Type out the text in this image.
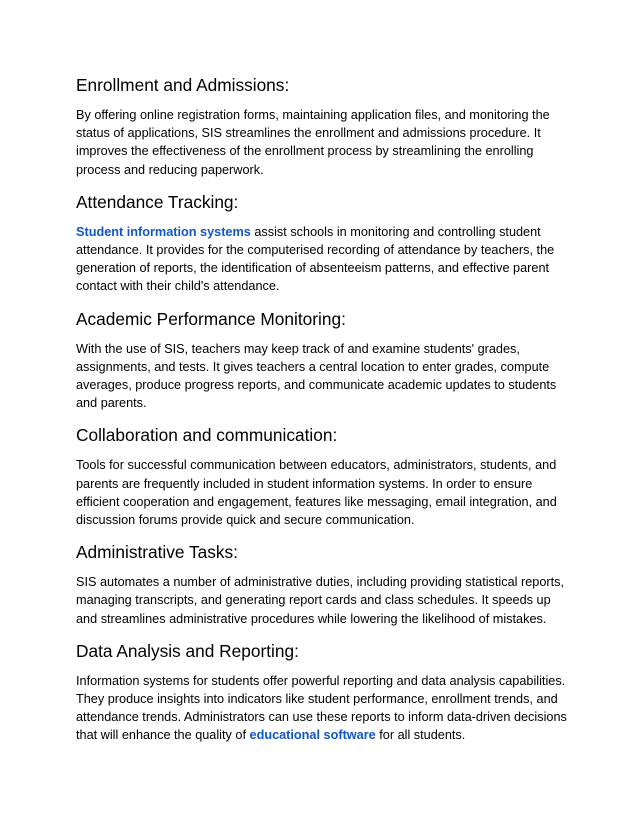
Enrollment and Admissions:

By offering online registration forms, maintaining application files, and monitoring the
status of applications, SIS streamlines the enrollment and admissions procedure. It
improves the effectiveness of the enrollment process by streamlining the enrolling
process and reducing paperwork.

Attendance Tracking:

Student information systems assist schools in monitoring and controlling student
attendance. It provides for the computerised recording of attendance by teachers, the
generation of reports, the identification of absenteeism patterns, and effective parent
contact with their child's attendance.

Academic Performance Monitoring:

With the use of SIS, teachers may keep track of and examine students' grades,
assignments, and tests. It gives teachers a central location to enter grades, compute
averages, produce progress reports, and communicate academic updates to students
and parents.

Collaboration and communication:

Tools for successful communication between educators, administrators, students, and
parents are frequently included in student information systems. In order to ensure
efficient cooperation and engagement, features like messaging, email integration, and
discussion forums provide quick and secure communication.

Administrative Tasks:

SIS automates a number of administrative duties, including providing statistical reports,
managing transcripts, and generating report cards and class schedules. It speeds up
and streamlines administrative procedures while lowering the likelihood of mistakes.

Data Analysis and Reporting:

Information systems for students offer powerful reporting and data analysis capabilities.
They produce insights into indicators like student performance, enrollment trends, and
attendance trends. Administrators can use these reports to inform data-driven decisions
that will enhance the quality of educational software for all students.
